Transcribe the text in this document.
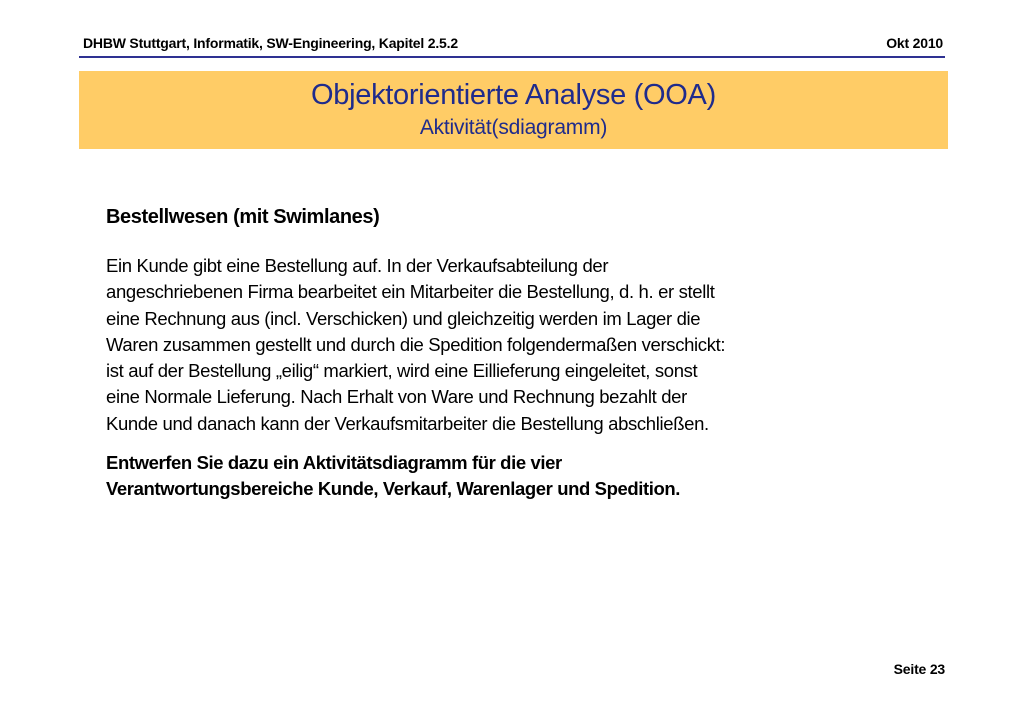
DHBW Stuttgart, Informatik, SW-Engineering, Kapitel 2.5.2	Okt 2010
Objektorientierte Analyse (OOA)
Aktivität(sdiagramm)

Bestellwesen (mit Swimlanes)

Ein Kunde gibt eine Bestellung auf. In der Verkaufsabteilung der
angeschriebenen Firma bearbeitet ein Mitarbeiter die Bestellung, d. h. er stellt
eine Rechnung aus (incl. Verschicken) und gleichzeitig werden im Lager die
Waren zusammen gestellt und durch die Spedition folgendermaßen verschickt:
ist auf der Bestellung „eilig“ markiert, wird eine Eillieferung eingeleitet, sonst
eine Normale Lieferung. Nach Erhalt von Ware und Rechnung bezahlt der
Kunde und danach kann der Verkaufsmitarbeiter die Bestellung abschließen.

Entwerfen Sie dazu ein Aktivitätsdiagramm für die vier
Verantwortungsbereiche Kunde, Verkauf, Warenlager und Spedition.

Seite 23
